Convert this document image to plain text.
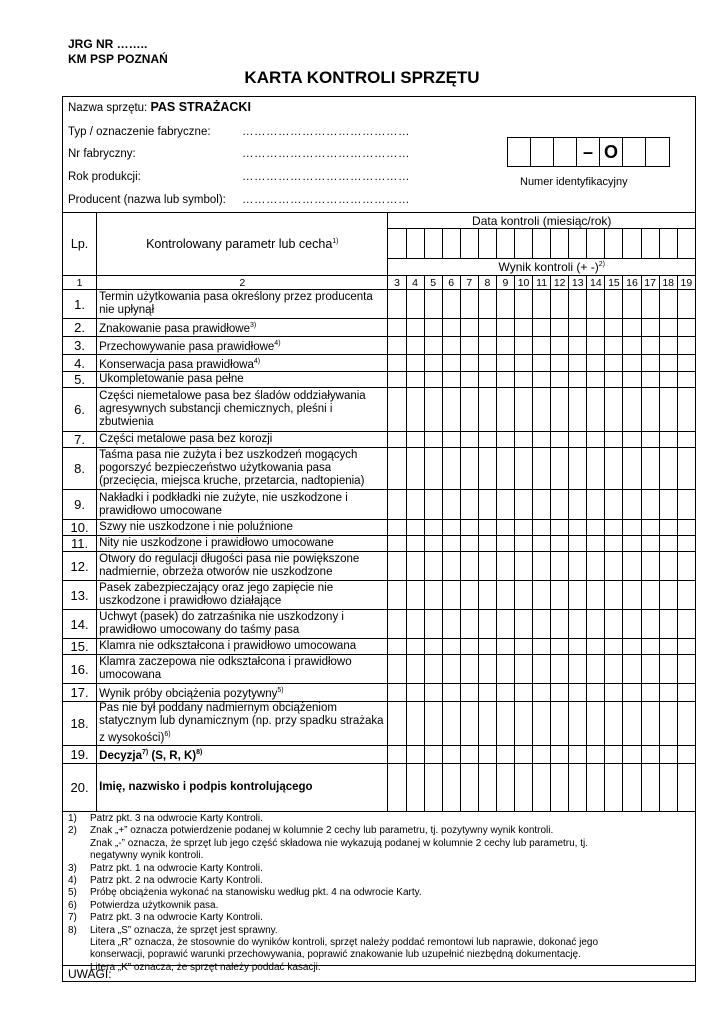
JRG NR ……..
KM PSP POZNAŃ
KARTA KONTROLI SPRZĘTU
Nazwa sprzętu: PAS STRAŻACKI
Typ / oznaczenie fabryczne:	……………………………………
Nr fabryczny:	……………………………………
Rok produkcji:	……………………………………
Producent (nazwa lub symbol): ……………………………………
– O
Numer identyfikacyjny
Lp.	Kontrolowany parametr lub cecha$^{1)}$	Data kontroli (miesiąc/rok)																

		Wynik kontroli (+ -)$^{2)}$
1	2	3	4	5	6	7	8	9	10	11	12	13	14	15	16	17	18	19
1.	Termin użytkowania pasa określony przez producenta nie upłynął																	
2.	Znakowanie pasa prawidłowe$^{3)}$																	
3.	Przechowywanie pasa prawidłowe$^{4)}$																	
4.	Konserwacja pasa prawidłowa$^{4)}$																	
5.	Ukompletowanie pasa pełne																	
6.	Części niemetalowe pasa bez śladów oddziaływania agresywnych substancji chemicznych, pleśni i zbutwienia																	
7.	Części metalowe pasa bez korozji																	
8.	Taśma pasa nie zużyta i bez uszkodzeń mogących pogorszyć bezpieczeństwo użytkowania pasa (przecięcia, miejsca kruche, przetarcia, nadtopienia)																	
9.	Nakładki i podkładki nie zużyte, nie uszkodzone i prawidłowo umocowane																	
10.	Szwy nie uszkodzone i nie poluźnione																	
11.	Nity nie uszkodzone i prawidłowo umocowane																	
12.	Otwory do regulacji długości pasa nie powiększone nadmiernie, obrzeża otworów nie uszkodzone																	
13.	Pasek zabezpieczający oraz jego zapięcie nie uszkodzone i prawidłowo działające																	
14.	Uchwyt (pasek) do zatrzaśnika nie uszkodzony i prawidłowo umocowany do taśmy pasa																	
15.	Klamra nie odkształcona i prawidłowo umocowana																	
16.	Klamra zaczepowa nie odkształcona i prawidłowo umocowana																	
17.	Wynik próby obciążenia pozytywny$^{5)}$																	
18.	Pas nie był poddany nadmiernym obciążeniom statycznym lub dynamicznym (np. przy spadku strażaka z wysokości)$^{6)}$																	
19.	Decyzja$^{7)}$ (S, R, K)$^{8)}$																	
20.	Imię, nazwisko i podpis kontrolującego																	
1) Patrz pkt. 3 na odwrocie Karty Kontroli.
2) Znak „+” oznacza potwierdzenie podanej w kolumnie 2 cechy lub parametru, tj. pozytywny wynik kontroli.
Znak „-” oznacza, że sprzęt lub jego część składowa nie wykazują podanej w kolumnie 2 cechy lub parametru, tj.
negatywny wynik kontroli.
3) Patrz pkt. 1 na odwrocie Karty Kontroli.
4) Patrz pkt. 2 na odwrocie Karty Kontroli.
5) Próbę obciążenia wykonać na stanowisku według pkt. 4 na odwrocie Karty.
6) Potwierdza użytkownik pasa.
7) Patrz pkt. 3 na odwrocie Karty Kontroli.
8) Litera „S” oznacza, że sprzęt jest sprawny.
Litera „R” oznacza, że stosownie do wyników kontroli, sprzęt należy poddać remontowi lub naprawie, dokonać jego
konserwacji, poprawić warunki przechowywania, poprawić znakowanie lub uzupełnić niezbędną dokumentację.
Litera „K” oznacza, że sprzęt należy poddać kasacji.
UWAGI:
